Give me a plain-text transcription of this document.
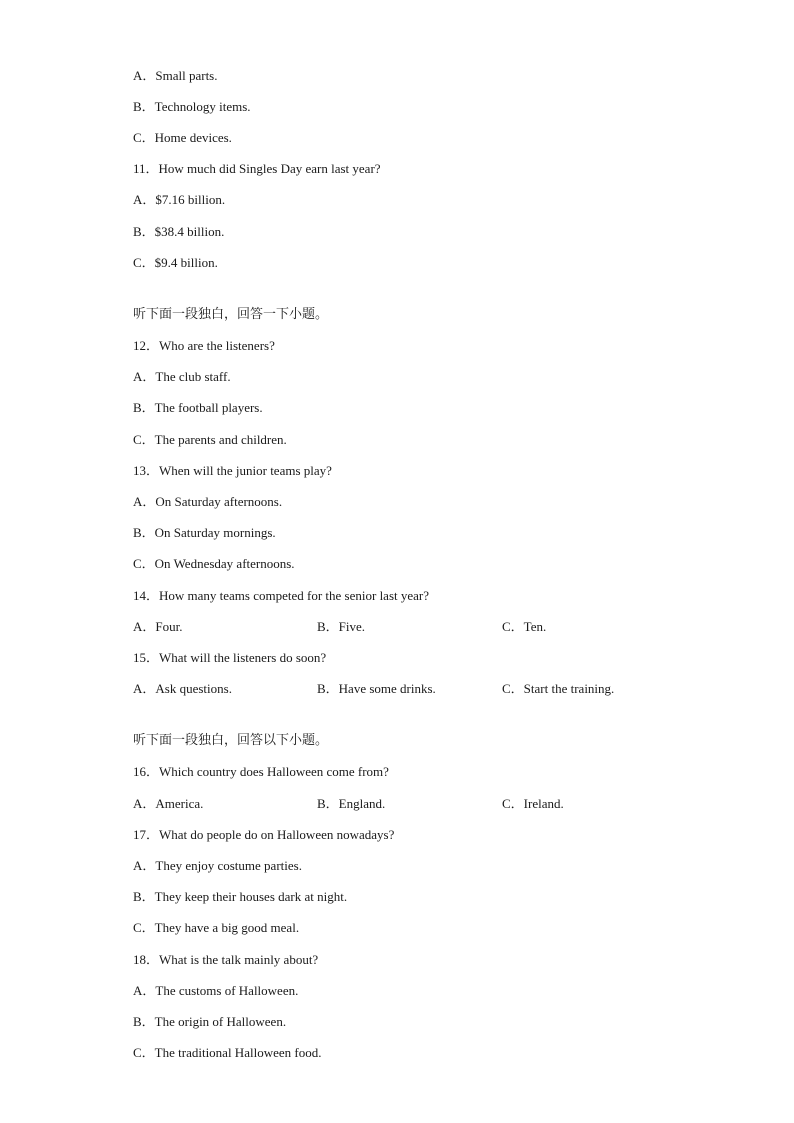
A．Small parts.
B．Technology items.
C．Home devices.
11．How much did Singles Day earn last year?
A．$7.16 billion.
B．$38.4 billion.
C．$9.4 billion.
听下面一段独白，回答一下小题。
12．Who are the listeners?
A．The club staff.
B．The football players.
C．The parents and children.
13．When will the junior teams play?
A．On Saturday afternoons.
B．On Saturday mornings.
C．On Wednesday afternoons.
14．How many teams competed for the senior last year?
A．Four.	B．Five.	C．Ten.
15．What will the listeners do soon?
A．Ask questions.	B．Have some drinks.	C．Start the training.
听下面一段独白，回答以下小题。
16．Which country does Halloween come from?
A．America.	B．England.	C．Ireland.
17．What do people do on Halloween nowadays?
A．They enjoy costume parties.
B．They keep their houses dark at night.
C．They have a big good meal.
18．What is the talk mainly about?
A．The customs of Halloween.
B．The origin of Halloween.
C．The traditional Halloween food.
